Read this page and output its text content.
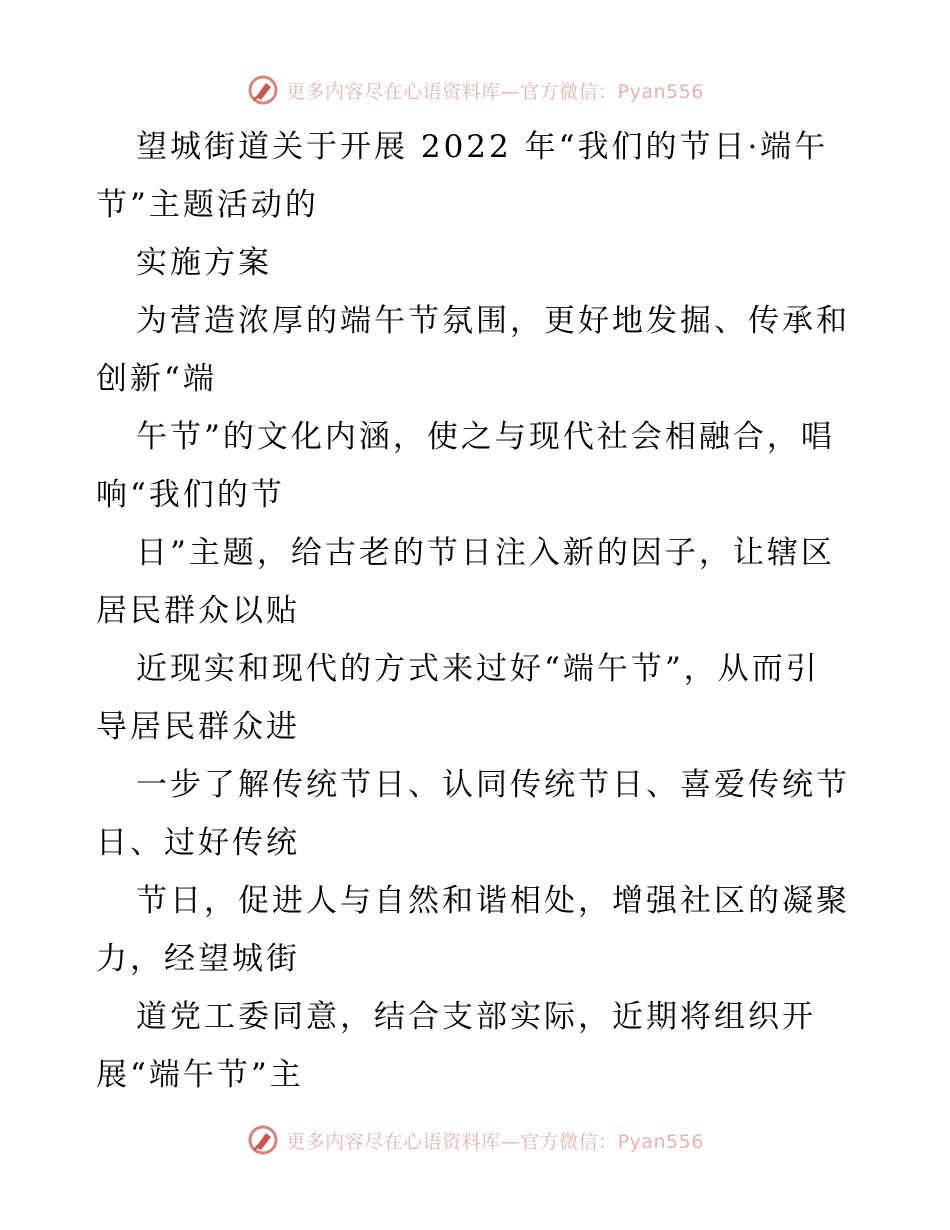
更多内容尽在心语资料库—官方微信：Pyan556
望城街道关于开展 2022 年“我们的节日·端午
节”主题活动的
实施方案
为营造浓厚的端午节氛围，更好地发掘、传承和
创新“端
午节”的文化内涵，使之与现代社会相融合，唱
响“我们的节
日”主题，给古老的节日注入新的因子，让辖区
居民群众以贴
近现实和现代的方式来过好“端午节”，从而引
导居民群众进
一步了解传统节日、认同传统节日、喜爱传统节
日、过好传统
节日，促进人与自然和谐相处，增强社区的凝聚
力，经望城街
道党工委同意，结合支部实际，近期将组织开
展“端午节”主
更多内容尽在心语资料库—官方微信：Pyan556
